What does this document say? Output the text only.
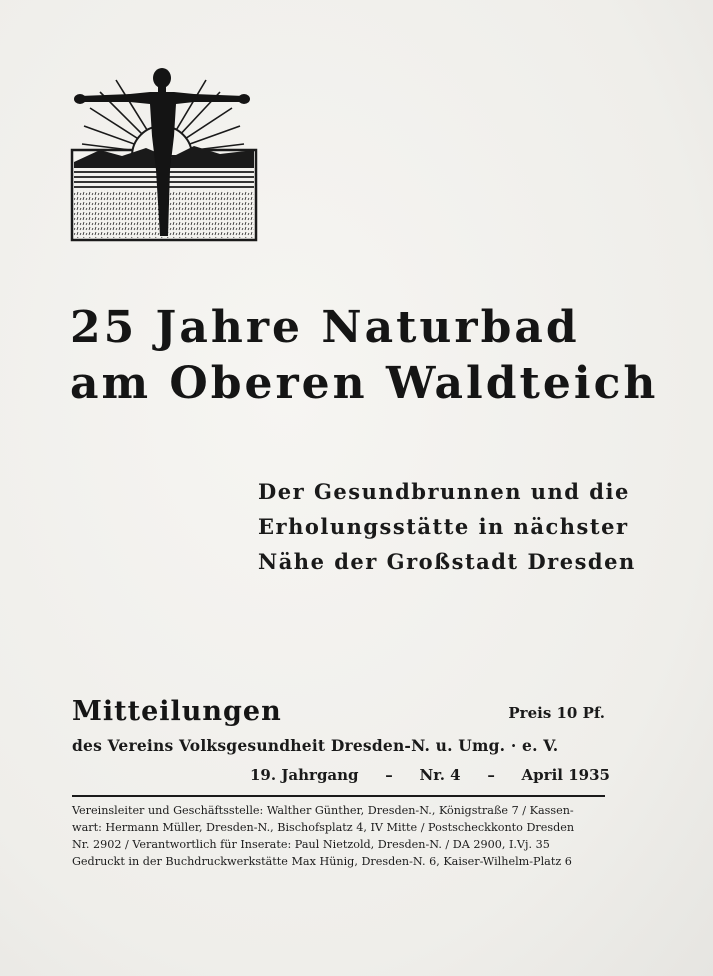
25 Jahre Naturbad
am Oberen Waldteich
Der Gesundbrunnen und die
Erholungsstätte in nächster
Nähe der Großstadt Dresden
Mitteilungen	Preis 10 Pf.
des Vereins Volksgesundheit Dresden-N. u. Umg. · e. V.
19. Jahrgang – Nr. 4 – April 1935
Vereinsleiter und Geschäftsstelle: Walther Günther, Dresden-N., Königstraße 7 / Kassen-
wart: Hermann Müller, Dresden-N., Bischofsplatz 4, IV Mitte / Postscheckkonto Dresden
Nr. 2902 / Verantwortlich für Inserate: Paul Nietzold, Dresden-N. / DA 2900, I.Vj. 35
Gedruckt in der Buchdruckwerkstätte Max Hünig, Dresden-N. 6, Kaiser-Wilhelm-Platz 6
